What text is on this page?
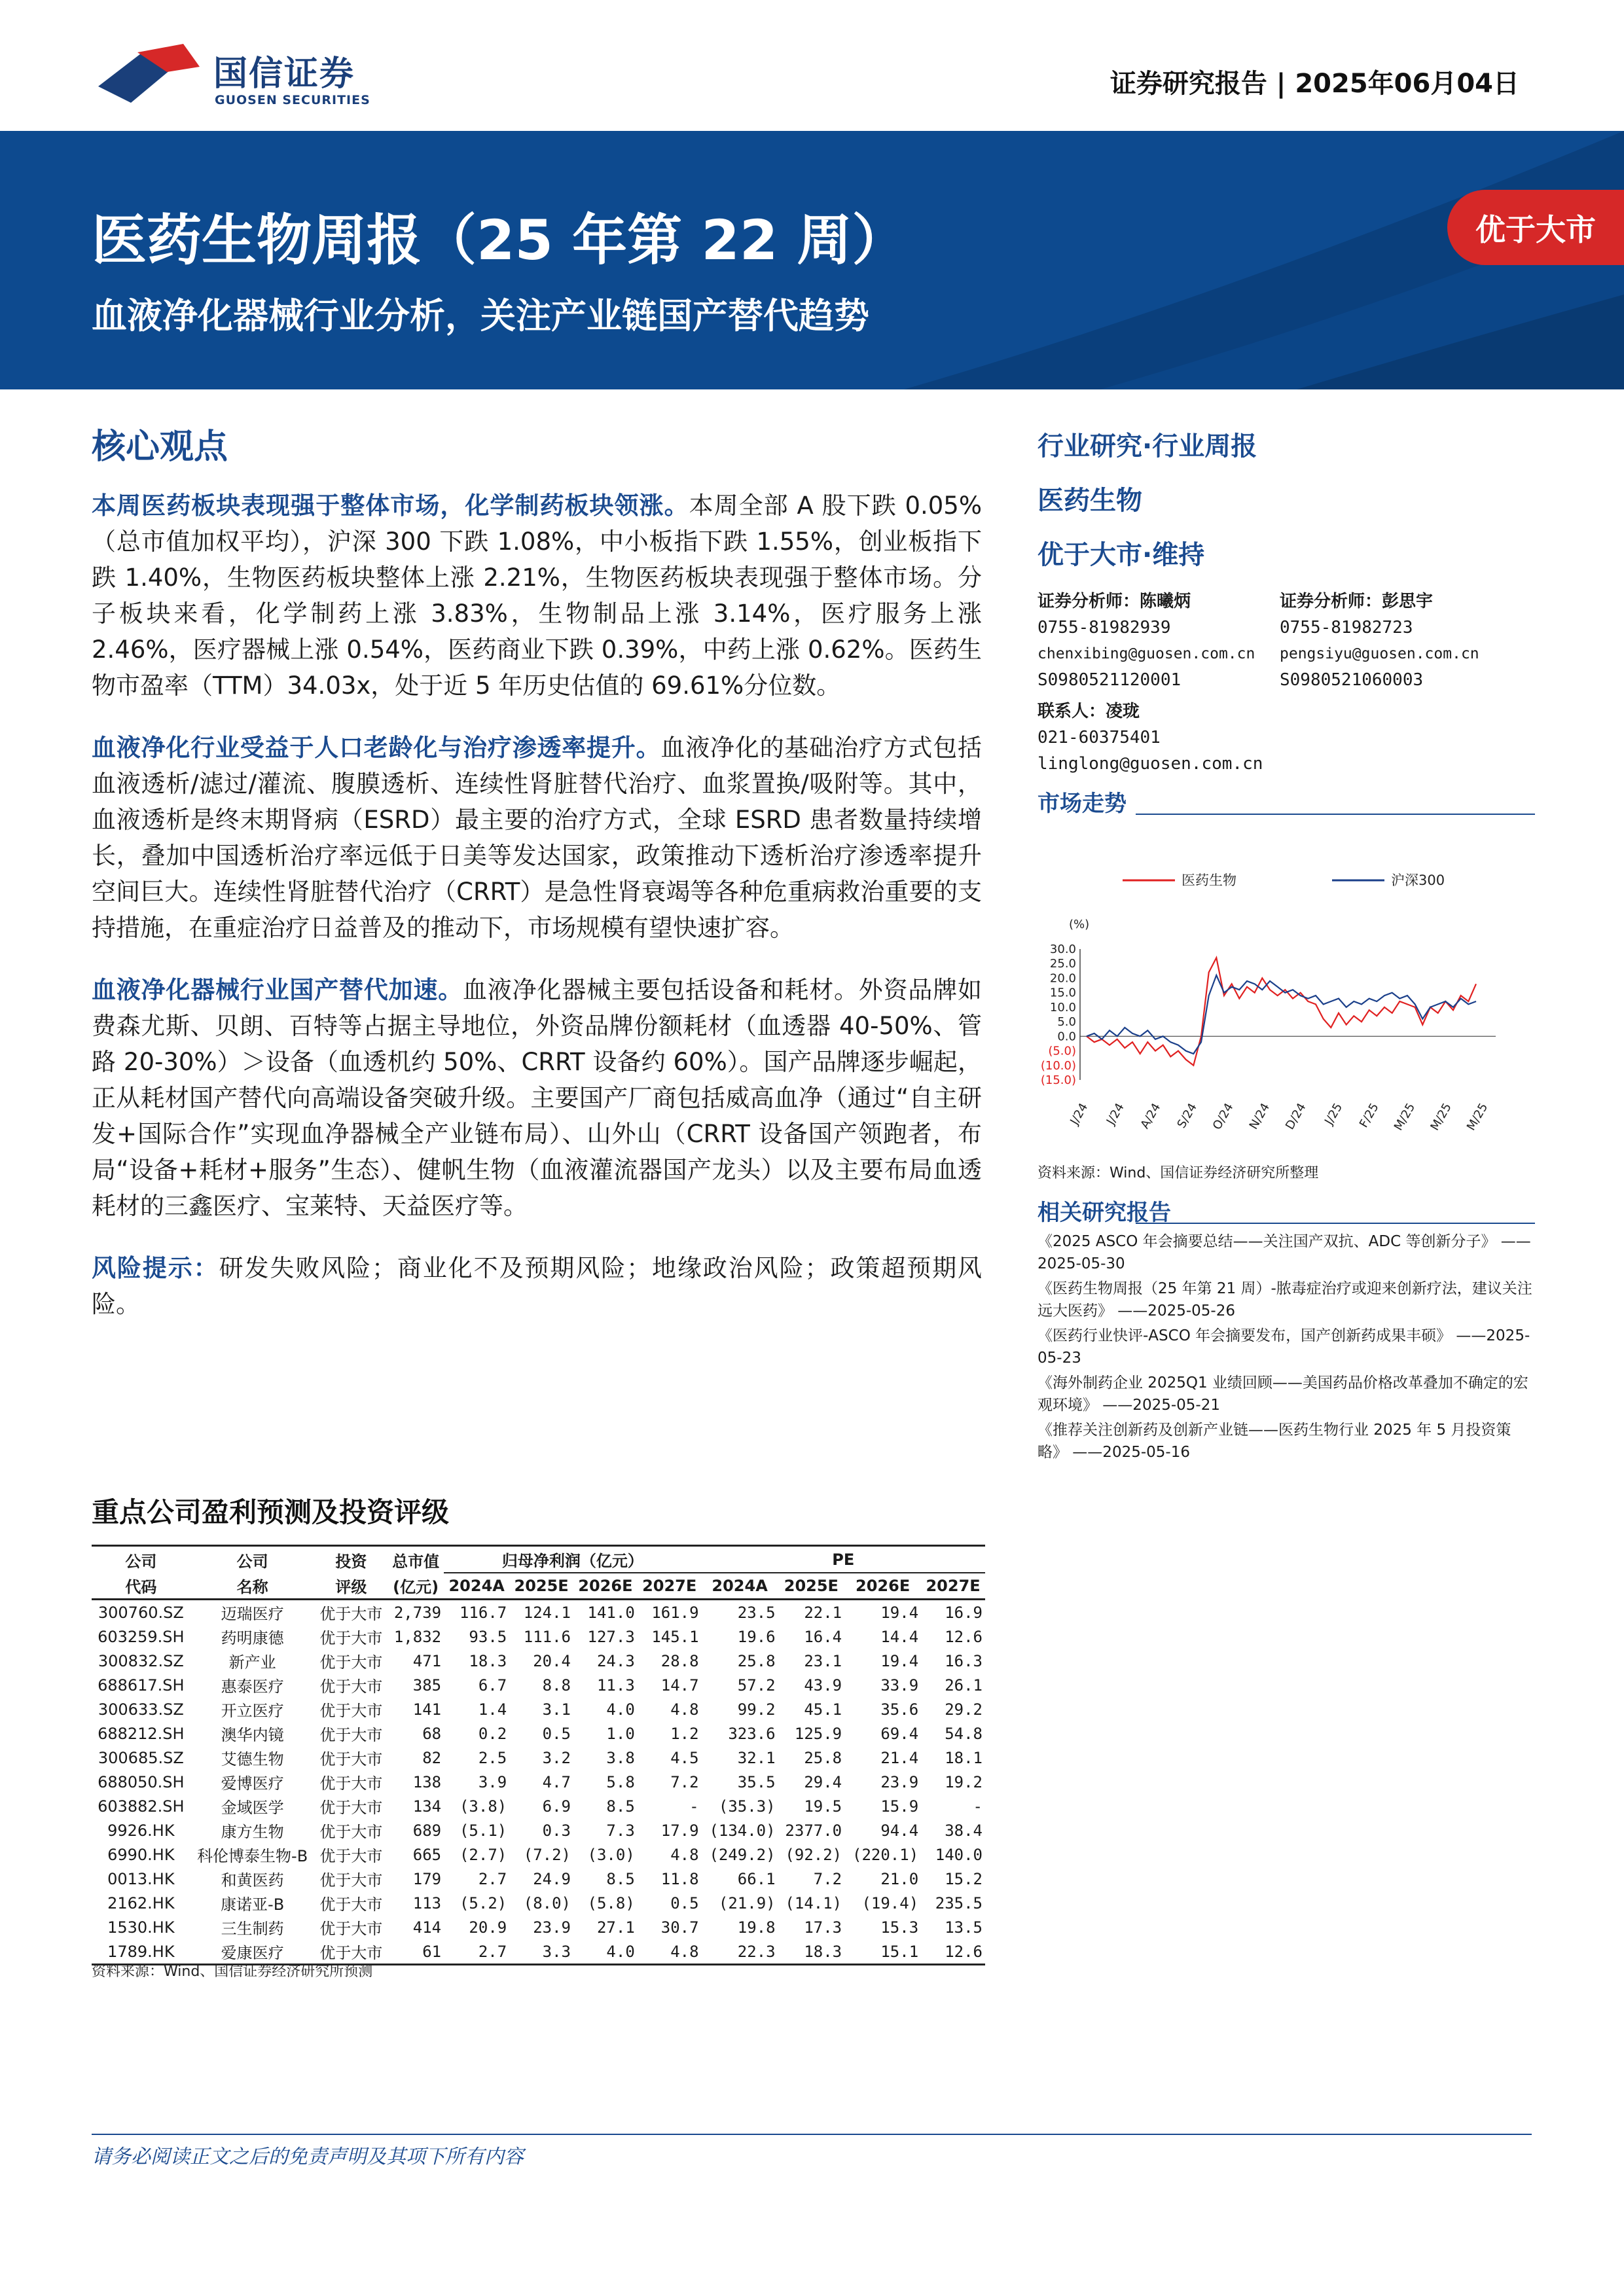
国信证券
GUOSEN SECURITIES
证券研究报告 | 2025年06月04日
医药生物周报（25 年第 22 周）
血液净化器械行业分析，关注产业链国产替代趋势
优于大市
核心观点

本周医药板块表现强于整体市场，化学制药板块领涨。本周全部 A 股下跌 0.05%（总市值加权平均），沪深 300 下跌 1.08%，中小板指下跌 1.55%，创业板指下跌 1.40%，生物医药板块整体上涨 2.21%，生物医药板块表现强于整体市场。分子板块来看，化学制药上涨 3.83%，生物制品上涨 3.14%，医疗服务上涨 2.46%，医疗器械上涨 0.54%，医药商业下跌 0.39%，中药上涨 0.62%。医药生物市盈率（TTM）34.03x，处于近 5 年历史估值的 69.61%分位数。

血液净化行业受益于人口老龄化与治疗渗透率提升。血液净化的基础治疗方式包括血液透析/滤过/灌流、腹膜透析、连续性肾脏替代治疗、血浆置换/吸附等。其中，血液透析是终末期肾病（ESRD）最主要的治疗方式，全球 ESRD 患者数量持续增长，叠加中国透析治疗率远低于日美等发达国家，政策推动下透析治疗渗透率提升空间巨大。连续性肾脏替代治疗（CRRT）是急性肾衰竭等各种危重病救治重要的支持措施，在重症治疗日益普及的推动下，市场规模有望快速扩容。

血液净化器械行业国产替代加速。血液净化器械主要包括设备和耗材。外资品牌如费森尤斯、贝朗、百特等占据主导地位，外资品牌份额耗材（血透器 40-50%、管路 20-30%）＞设备（血透机约 50%、CRRT 设备约 60%）。国产品牌逐步崛起，正从耗材国产替代向高端设备突破升级。主要国产厂商包括威高血净（通过“自主研发+国际合作”实现血净器械全产业链布局）、山外山（CRRT 设备国产领跑者，布局“设备+耗材+服务”生态）、健帆生物（血液灌流器国产龙头）以及主要布局血透耗材的三鑫医疗、宝莱特、天益医疗等。

风险提示：研发失败风险；商业化不及预期风险；地缘政治风险；政策超预期风险。

重点公司盈利预测及投资评级
公司	公司	投资	总市值	归母净利润（亿元）				PE			
代码	名称	评级	(亿元)	2024A	2025E	2026E	2027E	2024A	2025E	2026E	2027E
300760.SZ	迈瑞医疗	优于大市	2,739	116.7	124.1	141.0	161.9	23.5	22.1	19.4	16.9
603259.SH	药明康德	优于大市	1,832	93.5	111.6	127.3	145.1	19.6	16.4	14.4	12.6
300832.SZ	新产业	优于大市	471	18.3	20.4	24.3	28.8	25.8	23.1	19.4	16.3
688617.SH	惠泰医疗	优于大市	385	6.7	8.8	11.3	14.7	57.2	43.9	33.9	26.1
300633.SZ	开立医疗	优于大市	141	1.4	3.1	4.0	4.8	99.2	45.1	35.6	29.2
688212.SH	澳华内镜	优于大市	68	0.2	0.5	1.0	1.2	323.6	125.9	69.4	54.8
300685.SZ	艾德生物	优于大市	82	2.5	3.2	3.8	4.5	32.1	25.8	21.4	18.1
688050.SH	爱博医疗	优于大市	138	3.9	4.7	5.8	7.2	35.5	29.4	23.9	19.2
603882.SH	金域医学	优于大市	134	(3.8)	6.9	8.5	-	(35.3)	19.5	15.9	-
9926.HK	康方生物	优于大市	689	(5.1)	0.3	7.3	17.9	(134.0)	2377.0	94.4	38.4
6990.HK	科伦博泰生物-B	优于大市	665	(2.7)	(7.2)	(3.0)	4.8	(249.2)	(92.2)	(220.1)	140.0
0013.HK	和黄医药	优于大市	179	2.7	24.9	8.5	11.8	66.1	7.2	21.0	15.2
2162.HK	康诺亚-B	优于大市	113	(5.2)	(8.0)	(5.8)	0.5	(21.9)	(14.1)	(19.4)	235.5
1530.HK	三生制药	优于大市	414	20.9	23.9	27.1	30.7	19.8	17.3	15.3	13.5
1789.HK	爱康医疗	优于大市	61	2.7	3.3	4.0	4.8	22.3	18.3	15.1	12.6
资料来源：Wind、国信证券经济研究所预测
行业研究·行业周报
医药生物
优于大市·维持
证券分析师：陈曦炳	证券分析师：彭思宇
0755-81982939	0755-81982723
chenxibing@guosen.com.cn	pengsiyu@guosen.com.cn
S0980521120001	S0980521060003
联系人：凌珑
021-60375401
linglong@guosen.com.cn
市场走势
医药生物	沪深300
(%)
30.0
25.0
20.0
15.0
10.0
5.0
0.0
(5.0)
(10.0)
(15.0)
J/24 J/24 A/24 S/24 O/24 N/24 D/24 J/25 F/25 M/25 M/25 M/25
资料来源：Wind、国信证券经济研究所整理
相关研究报告
《2025 ASCO 年会摘要总结——关注国产双抗、ADC 等创新分子》 ——2025-05-30
《医药生物周报（25 年第 21 周）-脓毒症治疗或迎来创新疗法，建议关注远大医药》 ——2025-05-26
《医药行业快评-ASCO 年会摘要发布，国产创新药成果丰硕》 ——2025-05-23
《海外制药企业 2025Q1 业绩回顾——美国药品价格改革叠加不确定的宏观环境》 ——2025-05-21
《推荐关注创新药及创新产业链——医药生物行业 2025 年 5 月投资策略》 ——2025-05-16
请务必阅读正文之后的免责声明及其项下所有内容
